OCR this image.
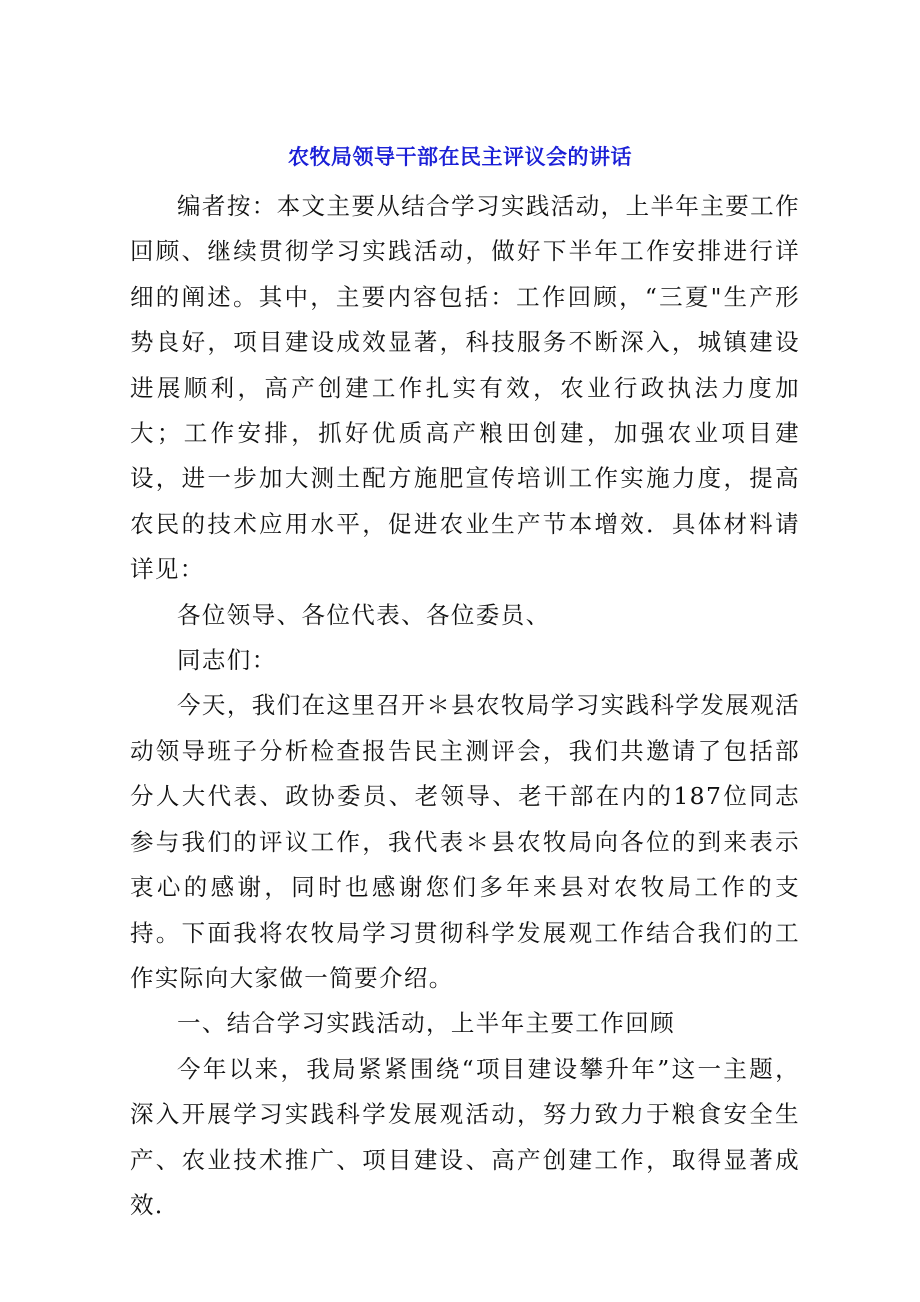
农牧局领导干部在民主评议会的讲话

编者按：本文主要从结合学习实践活动，上半年主要工作回顾、继续贯彻学习实践活动，做好下半年工作安排进行详细的阐述。其中，主要内容包括：工作回顾，“三夏"生产形势良好，项目建设成效显著，科技服务不断深入，城镇建设进展顺利，高产创建工作扎实有效，农业行政执法力度加大；工作安排，抓好优质高产粮田创建，加强农业项目建设，进一步加大测土配方施肥宣传培训工作实施力度，提高农民的技术应用水平，促进农业生产节本增效．具体材料请详见：

各位领导、各位代表、各位委员、

同志们：

今天，我们在这里召开＊县农牧局学习实践科学发展观活动领导班子分析检查报告民主测评会，我们共邀请了包括部分人大代表、政协委员、老领导、老干部在内的187位同志参与我们的评议工作，我代表＊县农牧局向各位的到来表示衷心的感谢，同时也感谢您们多年来县对农牧局工作的支持。下面我将农牧局学习贯彻科学发展观工作结合我们的工作实际向大家做一简要介绍。

一、结合学习实践活动，上半年主要工作回顾

今年以来，我局紧紧围绕“项目建设攀升年”这一主题，深入开展学习实践科学发展观活动，努力致力于粮食安全生产、农业技术推广、项目建设、高产创建工作，取得显著成效．
